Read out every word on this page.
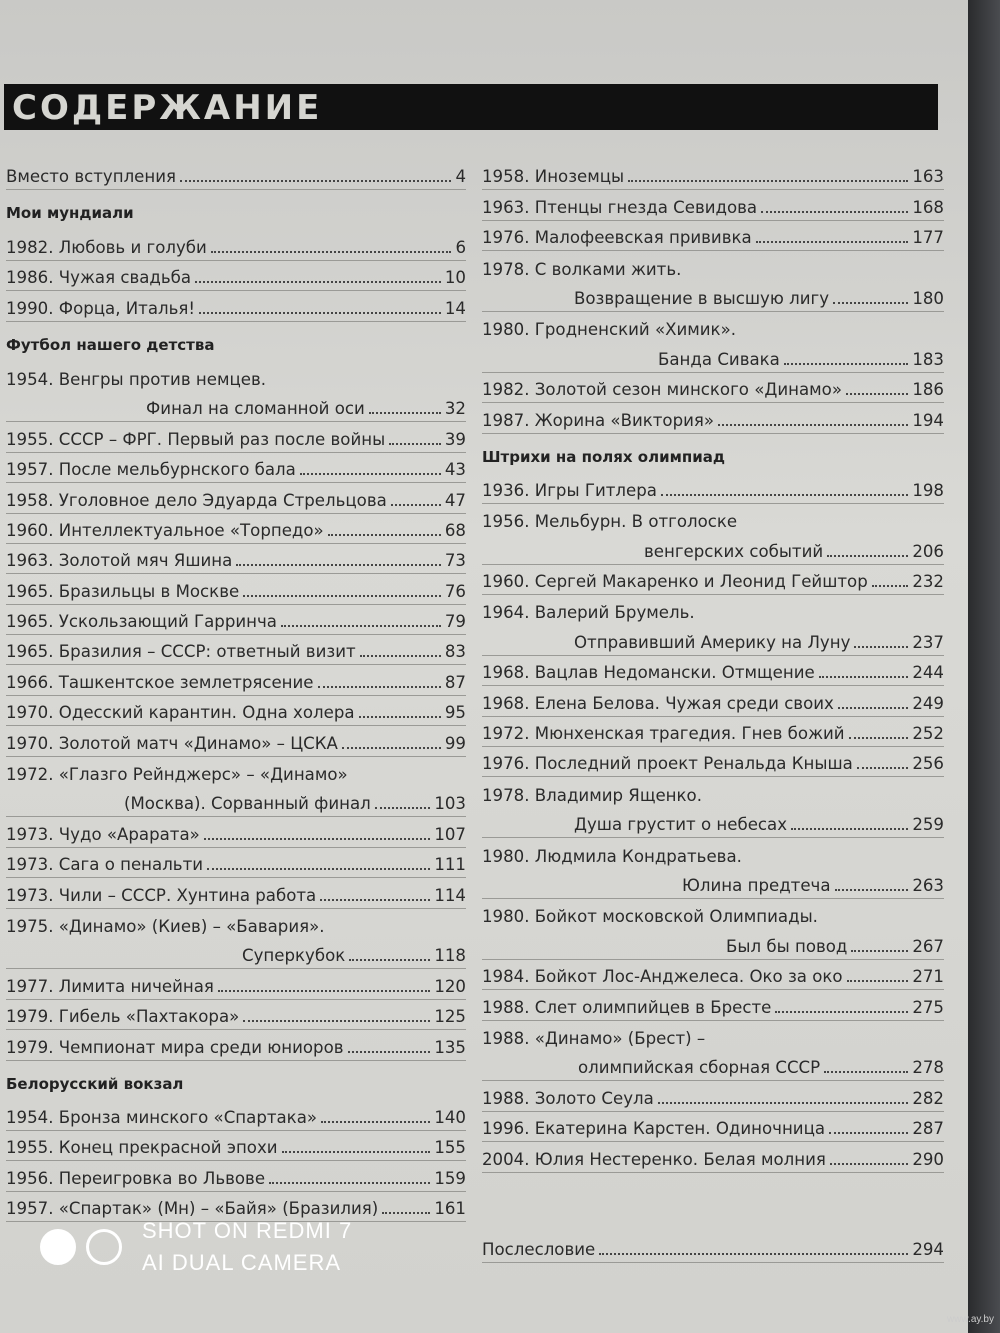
СОДЕРЖАНИЕ
Вместо вступления	4
Мои мундиали
1982. Любовь и голуби	6
1986. Чужая свадьба	10
1990. Форца, Италья!	14
Футбол нашего детства
1954. Венгры против немцев.
Финал на сломанной оси	32
1955. СССР – ФРГ. Первый раз после войны	39
1957. После мельбурнского бала	43
1958. Уголовное дело Эдуарда Стрельцова	47
1960. Интеллектуальное «Торпедо»	68
1963. Золотой мяч Яшина	73
1965. Бразильцы в Москве	76
1965. Ускользающий Гарринча	79
1965. Бразилия – СССР: ответный визит	83
1966. Ташкентское землетрясение	87
1970. Одесский карантин. Одна холера	95
1970. Золотой матч «Динамо» – ЦСКА	99
1972. «Глазго Рейнджерс» – «Динамо»
(Москва). Сорванный финал	103
1973. Чудо «Арарата»	107
1973. Сага о пенальти	111
1973. Чили – СССР. Хунтина работа	114
1975. «Динамо» (Киев) – «Бавария».
Суперкубок	118
1977. Лимита ничейная	120
1979. Гибель «Пахтакора»	125
1979. Чемпионат мира среди юниоров	135
Белорусский вокзал
1954. Бронза минского «Спартака»	140
1955. Конец прекрасной эпохи	155
1956. Переигровка во Львове	159
1957. «Спартак» (Мн) – «Байя» (Бразилия)	161
1958. Иноземцы	163
1963. Птенцы гнезда Севидова	168
1976. Малофеевская прививка	177
1978. С волками жить.
Возвращение в высшую лигу	180
1980. Гродненский «Химик».
Банда Сивака	183
1982. Золотой сезон минского «Динамо»	186
1987. Жорина «Виктория»	194
Штрихи на полях олимпиад
1936. Игры Гитлера	198
1956. Мельбурн. В отголоске
венгерских событий	206
1960. Сергей Макаренко и Леонид Гейштор	232
1964. Валерий Брумель.
Отправивший Америку на Луну	237
1968. Вацлав Недомански. Отмщение	244
1968. Елена Белова. Чужая среди своих	249
1972. Мюнхенская трагедия. Гнев божий	252
1976. Последний проект Ренальда Кныша	256
1978. Владимир Ященко.
Душа грустит о небесах	259
1980. Людмила Кондратьева.
Юлина предтеча	263
1980. Бойкот московской Олимпиады.
Был бы повод	267
1984. Бойкот Лос-Анджелеса. Око за око	271
1988. Слет олимпийцев в Бресте	275
1988. «Динамо» (Брест) –
олимпийская сборная СССР	278
1988. Золото Сеула	282
1996. Екатерина Карстен. Одиночница	287
2004. Юлия Нестеренко. Белая молния	290
Послесловие	294
SHOT ON REDMI 7
AI DUAL CAMERA
www.ay.by
